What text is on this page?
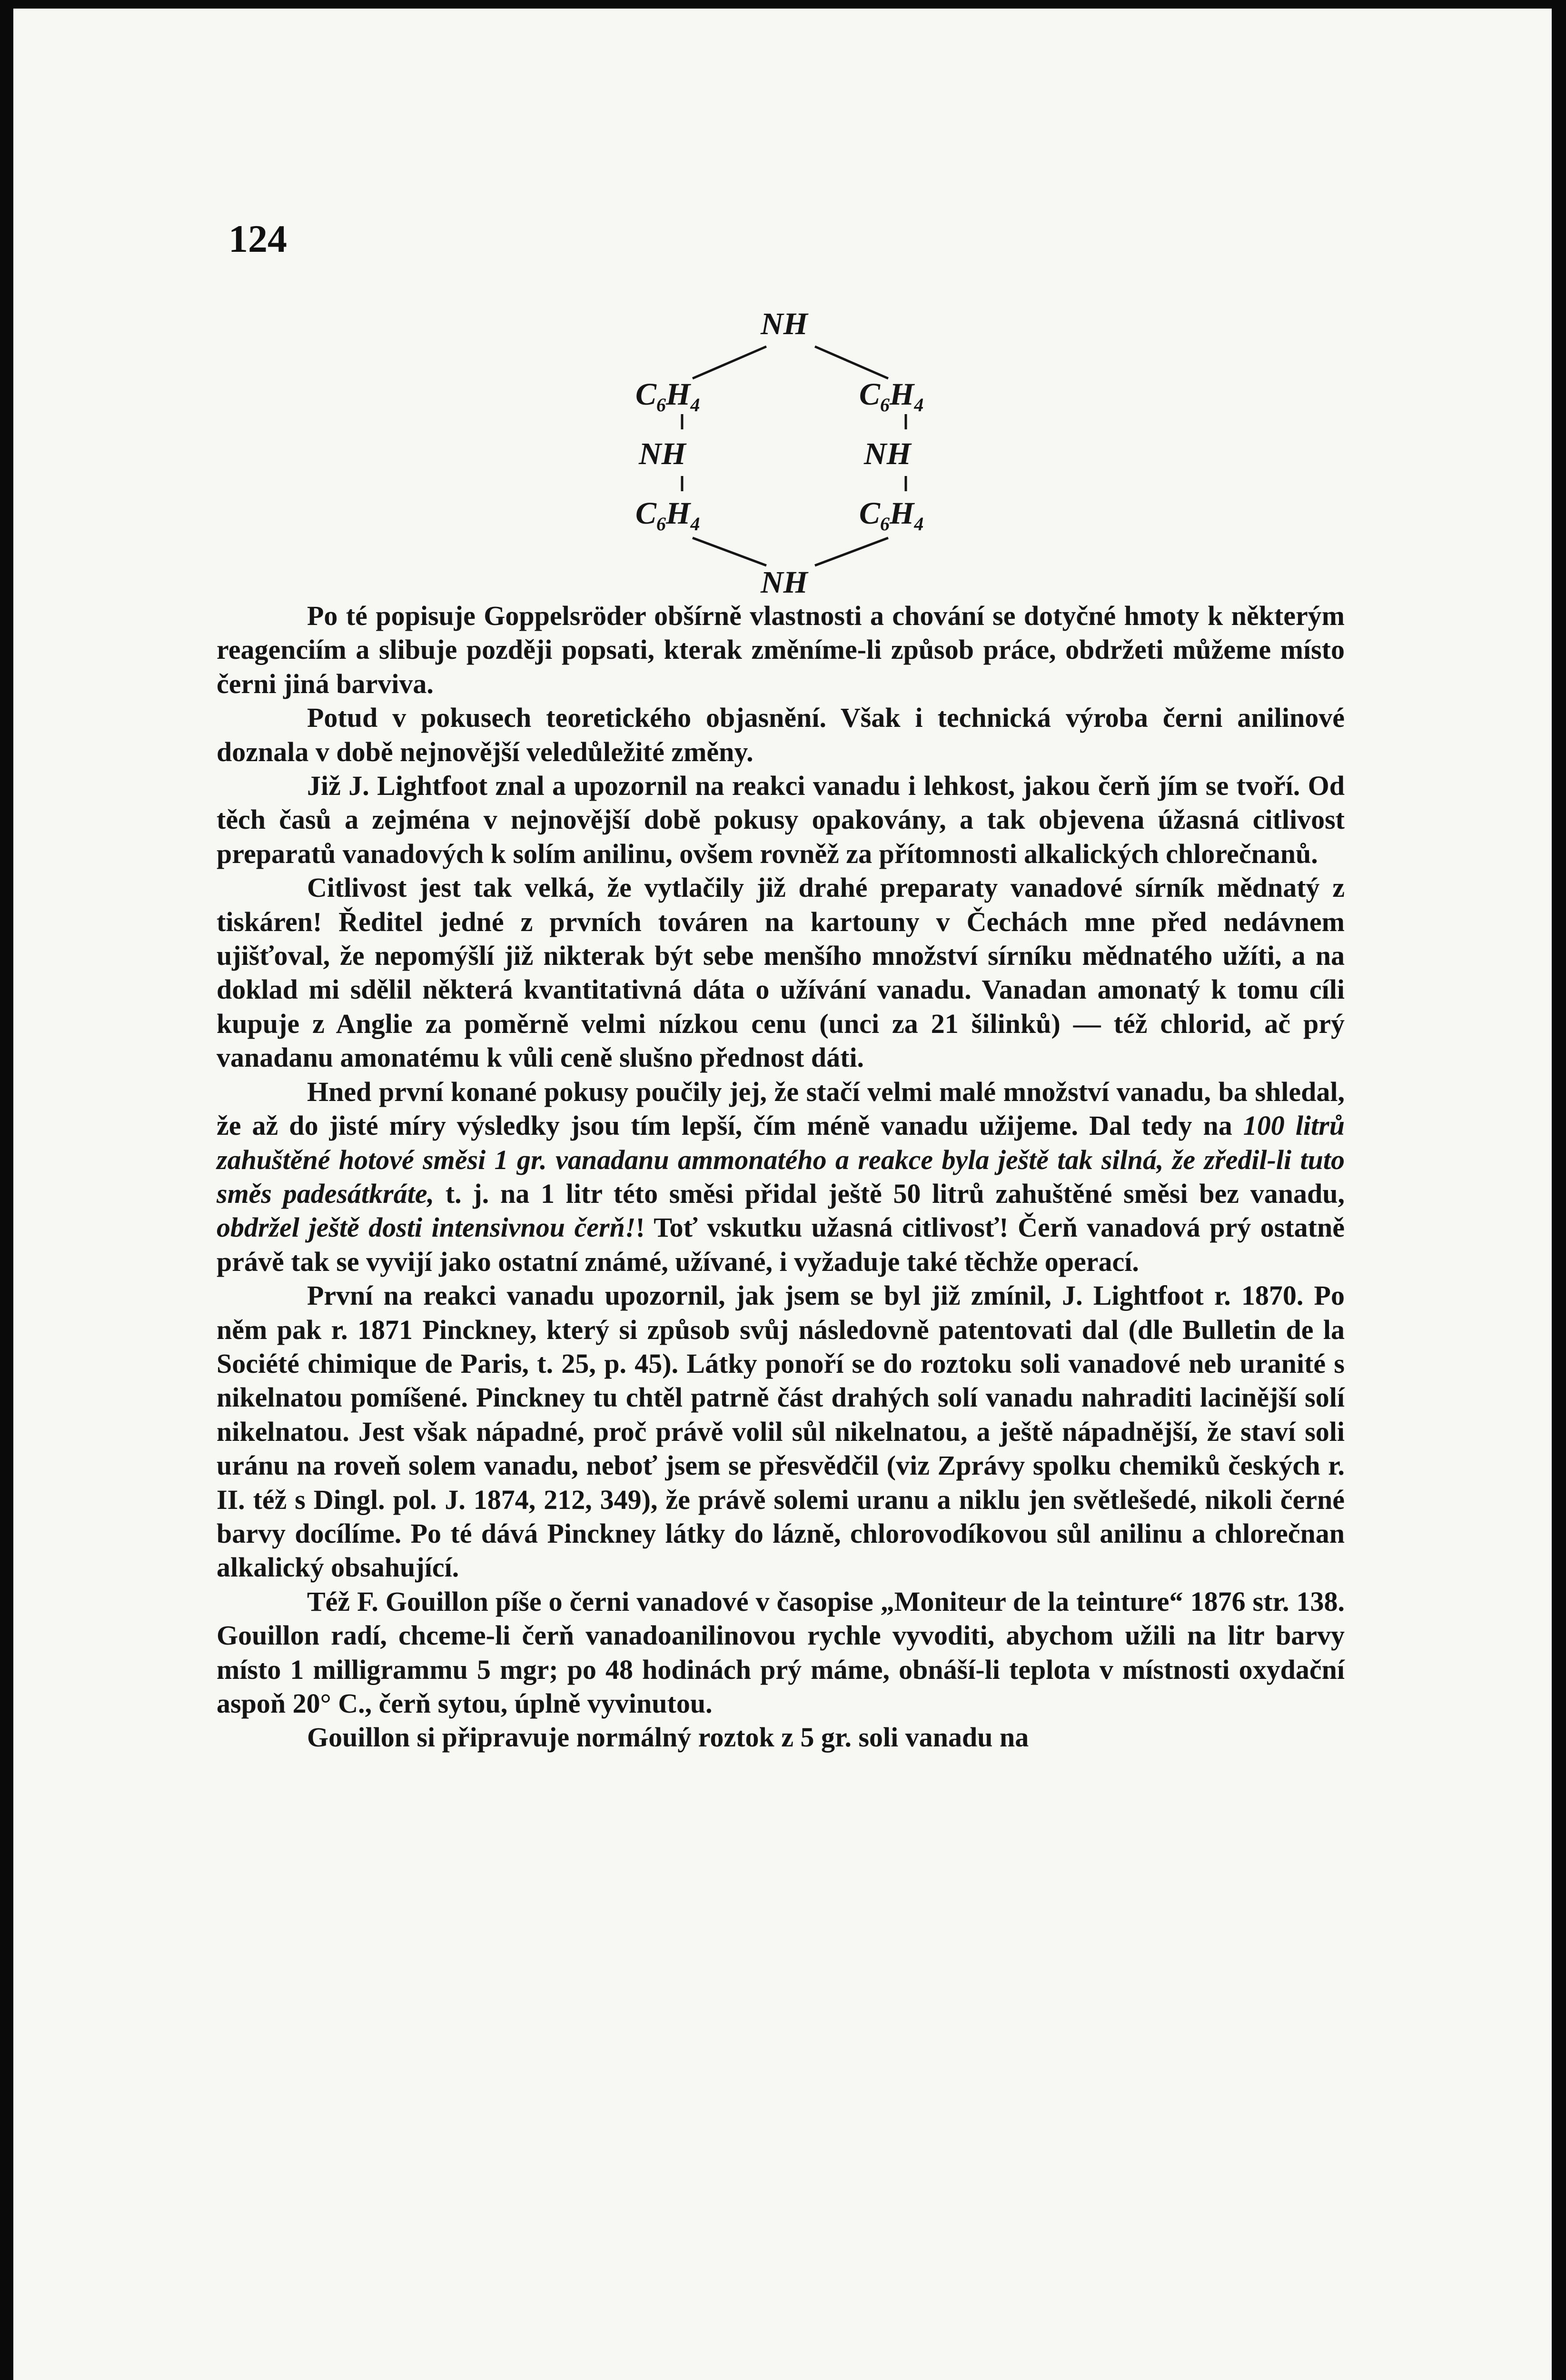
124
NH
$C_6H_4$	$C_6H_4$
NH	NH
$C_6H_4$	$C_6H_4$
NH

Po té popisuje Goppelsröder obšírně vlastnosti a chování se dotyčné hmoty k některým reagenciím a slibuje později popsati, kterak změníme-li způsob práce, obdržeti můžeme místo černi jiná barviva.

Potud v pokusech teoretického objasnění. Však i technická výroba černi anilinové doznala v době nejnovější veledůležité změny.

Již J. Lightfoot znal a upozornil na reakci vanadu i lehkost, jakou čerň jím se tvoří. Od těch časů a zejména v nejnovější době pokusy opakovány, a tak objevena úžasná citlivost preparatů vanadových k solím anilinu, ovšem rovněž za přítomnosti alkalických chlorečnanů.

Citlivost jest tak velká, že vytlačily již drahé preparaty vanadové sírník mědnatý z tiskáren! Ředitel jedné z prvních továren na kartouny v Čechách mne před nedávnem ujišťoval, že nepomýšlí již nikterak být sebe menšího množství sírníku mědnatého užíti, a na doklad mi sdělil některá kvantitativná dáta o užívání vanadu. Vanadan amonatý k tomu cíli kupuje z Anglie za poměrně velmi nízkou cenu (unci za 21 šilinků) — též chlorid, ač prý vanadanu amonatému k vůli ceně slušno přednost dáti.

Hned první konané pokusy poučily jej, že stačí velmi malé množství vanadu, ba shledal, že až do jisté míry výsledky jsou tím lepší, čím méně vanadu užijeme. Dal tedy na 100 litrů zahuštěné hotové směsi 1 gr. vanadanu ammonatého a reakce byla ještě tak silná, že zředil-li tuto směs padesátkráte, t. j. na 1 litr této směsi přidal ještě 50 litrů zahuštěné směsi bez vanadu, obdržel ještě dosti intensivnou čerň!! Toť vskutku užasná citlivosť! Čerň vanadová prý ostatně právě tak se vyvijí jako ostatní známé, užívané, i vyžaduje také těchže operací.

První na reakci vanadu upozornil, jak jsem se byl již zmínil, J. Lightfoot r. 1870. Po něm pak r. 1871 Pinckney, který si způsob svůj následovně patentovati dal (dle Bulletin de la Société chimique de Paris, t. 25, p. 45). Látky ponoří se do roztoku soli vanadové neb uranité s nikelnatou pomíšené. Pinckney tu chtěl patrně část drahých solí vanadu nahraditi lacinější solí nikelnatou. Jest však nápadné, proč právě volil sůl nikelnatou, a ještě nápadnější, že staví soli uránu na roveň solem vanadu, neboť jsem se přesvědčil (viz Zprávy spolku chemiků českých r. II. též s Dingl. pol. J. 1874, 212, 349), že právě solemi uranu a niklu jen světlešedé, nikoli černé barvy docílíme. Po té dává Pinckney látky do lázně, chlorovodíkovou sůl anilinu a chlorečnan alkalický obsahující.

Též F. Gouillon píše o černi vanadové v časopise „Moniteur de la teinture“ 1876 str. 138. Gouillon radí, chceme-li čerň vanadoanilinovou rychle vyvoditi, abychom užili na litr barvy místo 1 milligrammu 5 mgr; po 48 hodinách prý máme, obnáší-li teplota v místnosti oxydační aspoň 20° C., čerň sytou, úplně vyvinutou.

Gouillon si připravuje normálný roztok z 5 gr. soli vanadu na
